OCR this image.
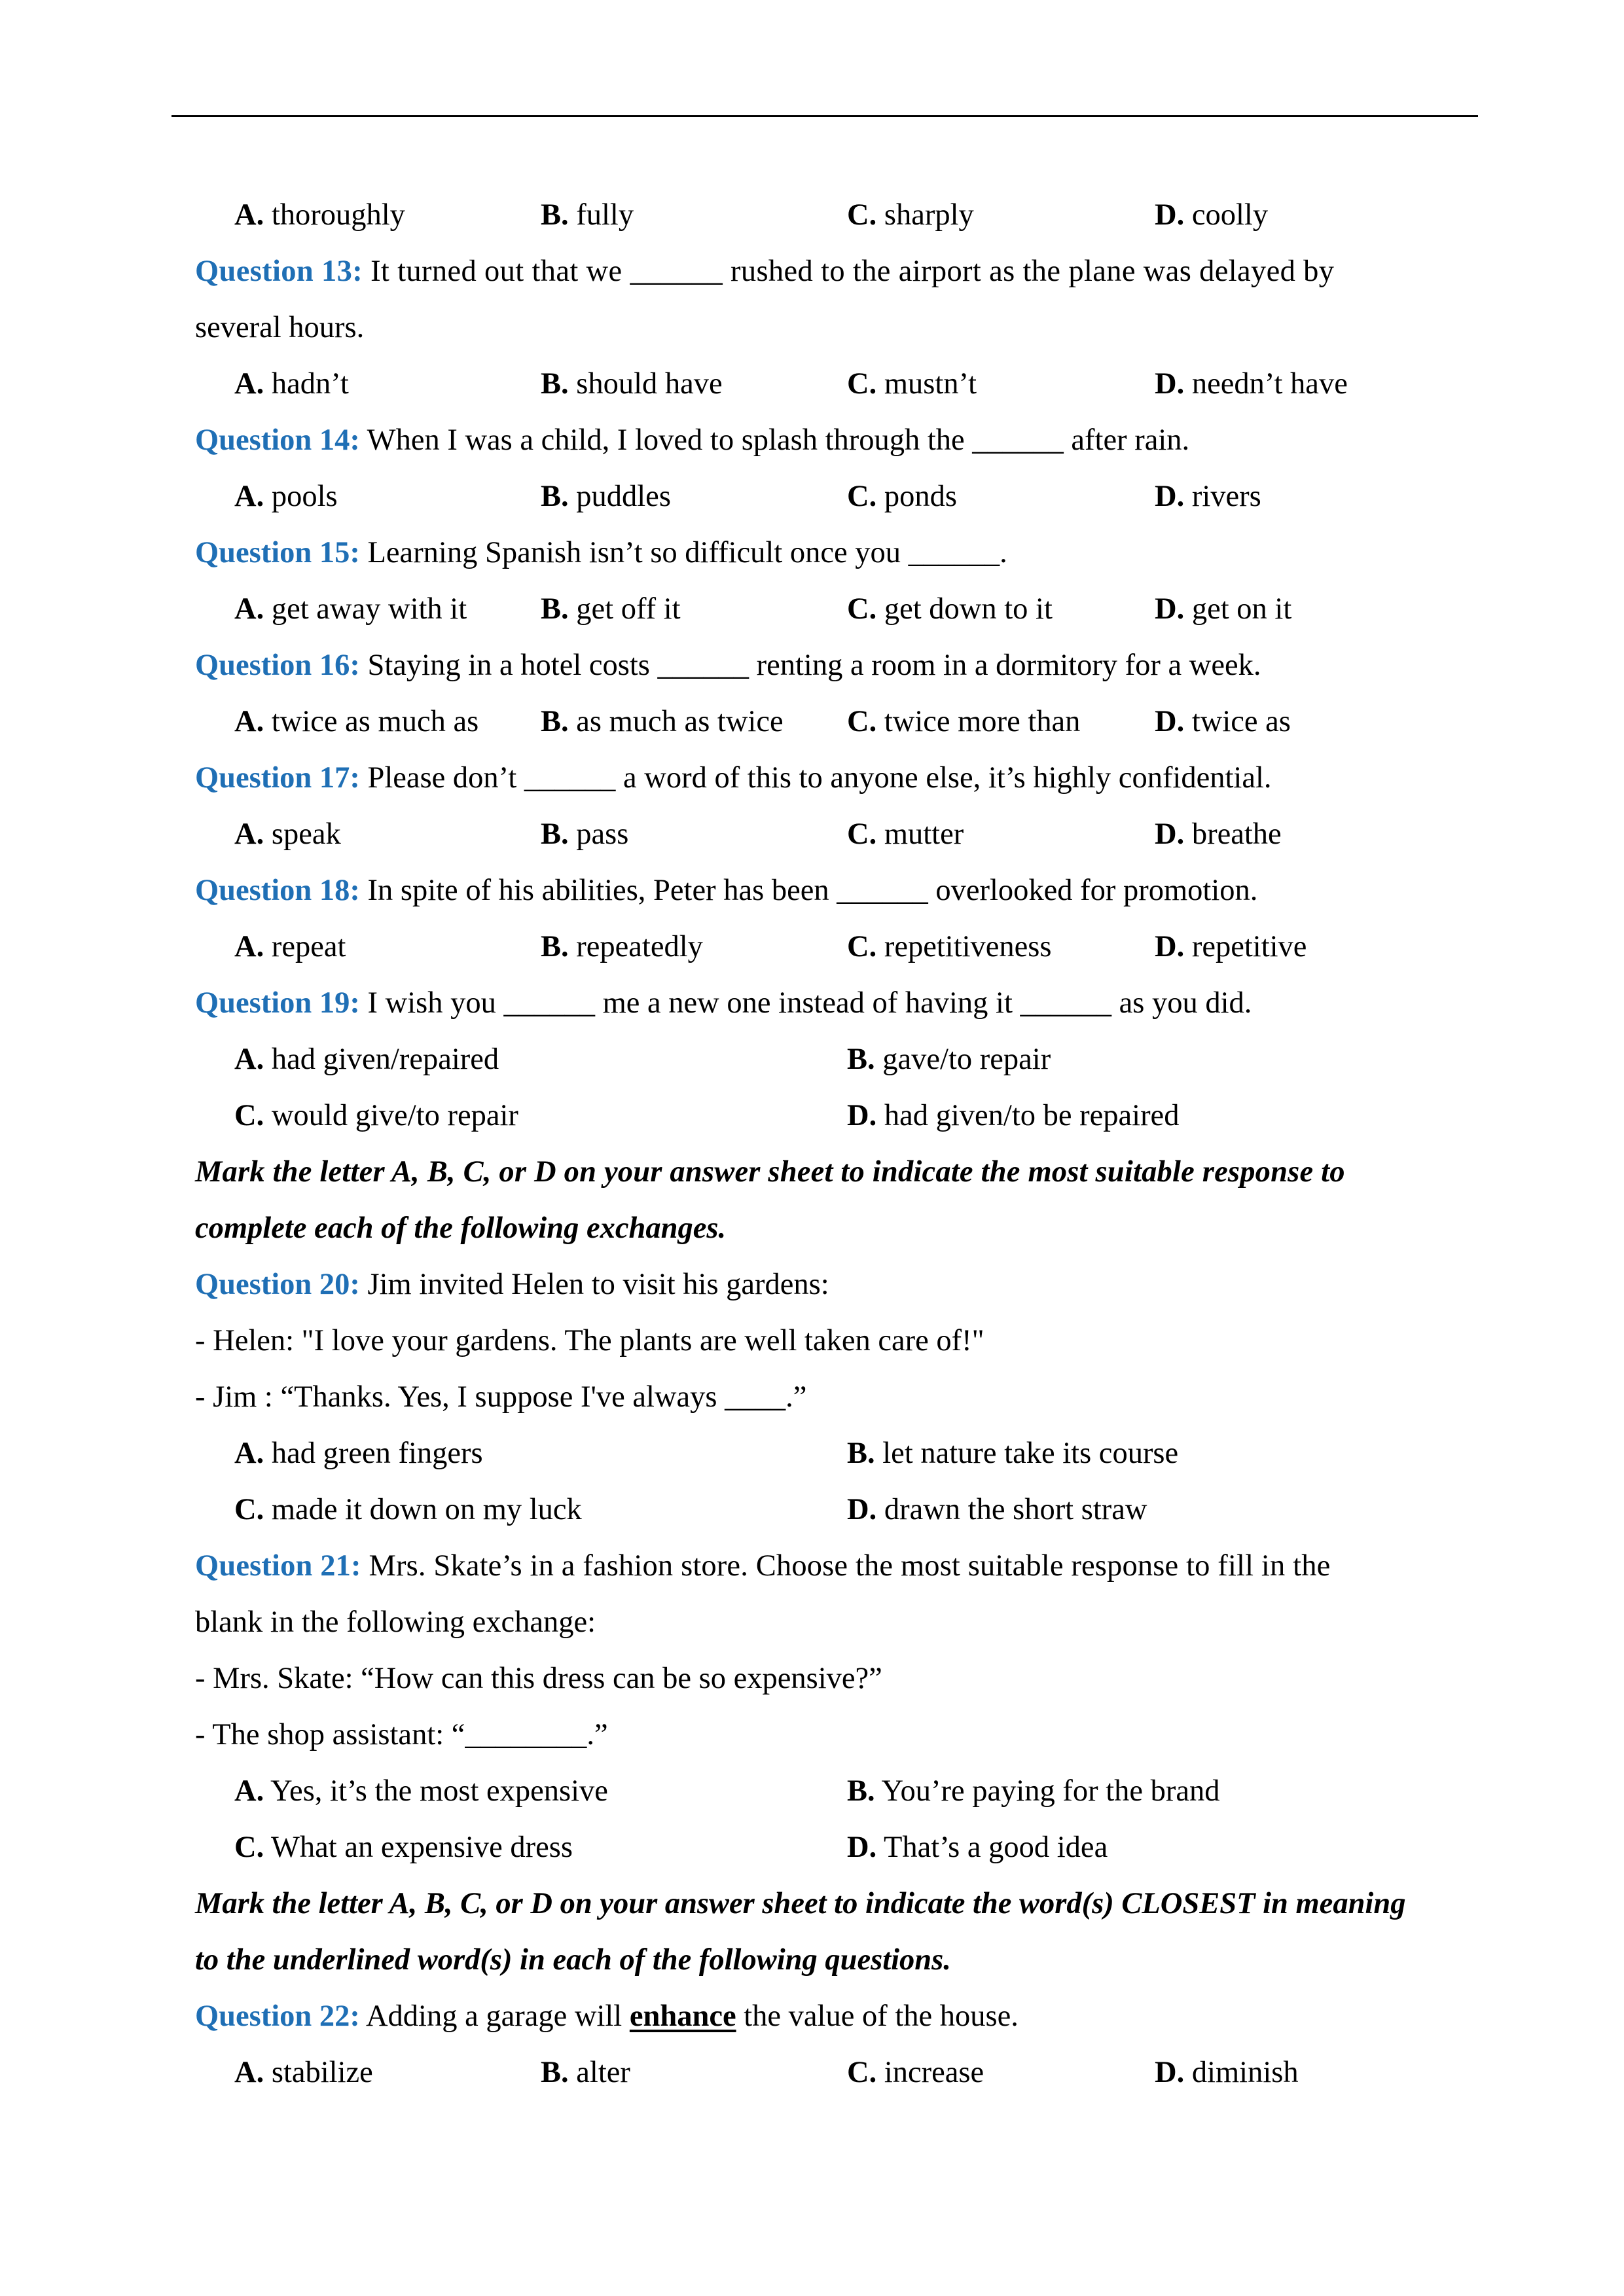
A. thoroughly	B. fully	C. sharply	D. coolly
Question 13: It turned out that we ______ rushed to the airport as the plane was delayed by
several hours.
A. hadn’t	B. should have	C. mustn’t	D. needn’t have
Question 14: When I was a child, I loved to splash through the ______ after rain.
A. pools	B. puddles	C. ponds	D. rivers
Question 15: Learning Spanish isn’t so difficult once you ______.
A. get away with it B. get off it	C. get down to it	D. get on it
Question 16: Staying in a hotel costs ______ renting a room in a dormitory for a week.
A. twice as much as B. as much as twice C. twice more than D. twice as
Question 17: Please don’t ______ a word of this to anyone else, it’s highly confidential.
A. speak	B. pass	C. mutter	D. breathe
Question 18: In spite of his abilities, Peter has been ______ overlooked for promotion.
A. repeat	B. repeatedly	C. repetitiveness	D. repetitive
Question 19: I wish you ______ me a new one instead of having it ______ as you did.
A. had given/repaired	B. gave/to repair
C. would give/to repair	D. had given/to be repaired
Mark the letter A, B, C, or D on your answer sheet to indicate the most suitable response to
complete each of the following exchanges.
Question 20: Jim invited Helen to visit his gardens:
- Helen: "I love your gardens. The plants are well taken care of!"
- Jim : “Thanks. Yes, I suppose I've always ____.”
A. had green fingers	B. let nature take its course
C. made it down on my luck	D. drawn the short straw
Question 21: Mrs. Skate’s in a fashion store. Choose the most suitable response to fill in the
blank in the following exchange:
- Mrs. Skate: “How can this dress can be so expensive?”
- The shop assistant: “________.”
A. Yes, it’s the most expensive	B. You’re paying for the brand
C. What an expensive dress	D. That’s a good idea
Mark the letter A, B, C, or D on your answer sheet to indicate the word(s) CLOSEST in meaning
to the underlined word(s) in each of the following questions.
Question 22: Adding a garage will enhance the value of the house.
A. stabilize	B. alter	C. increase	D. diminish
